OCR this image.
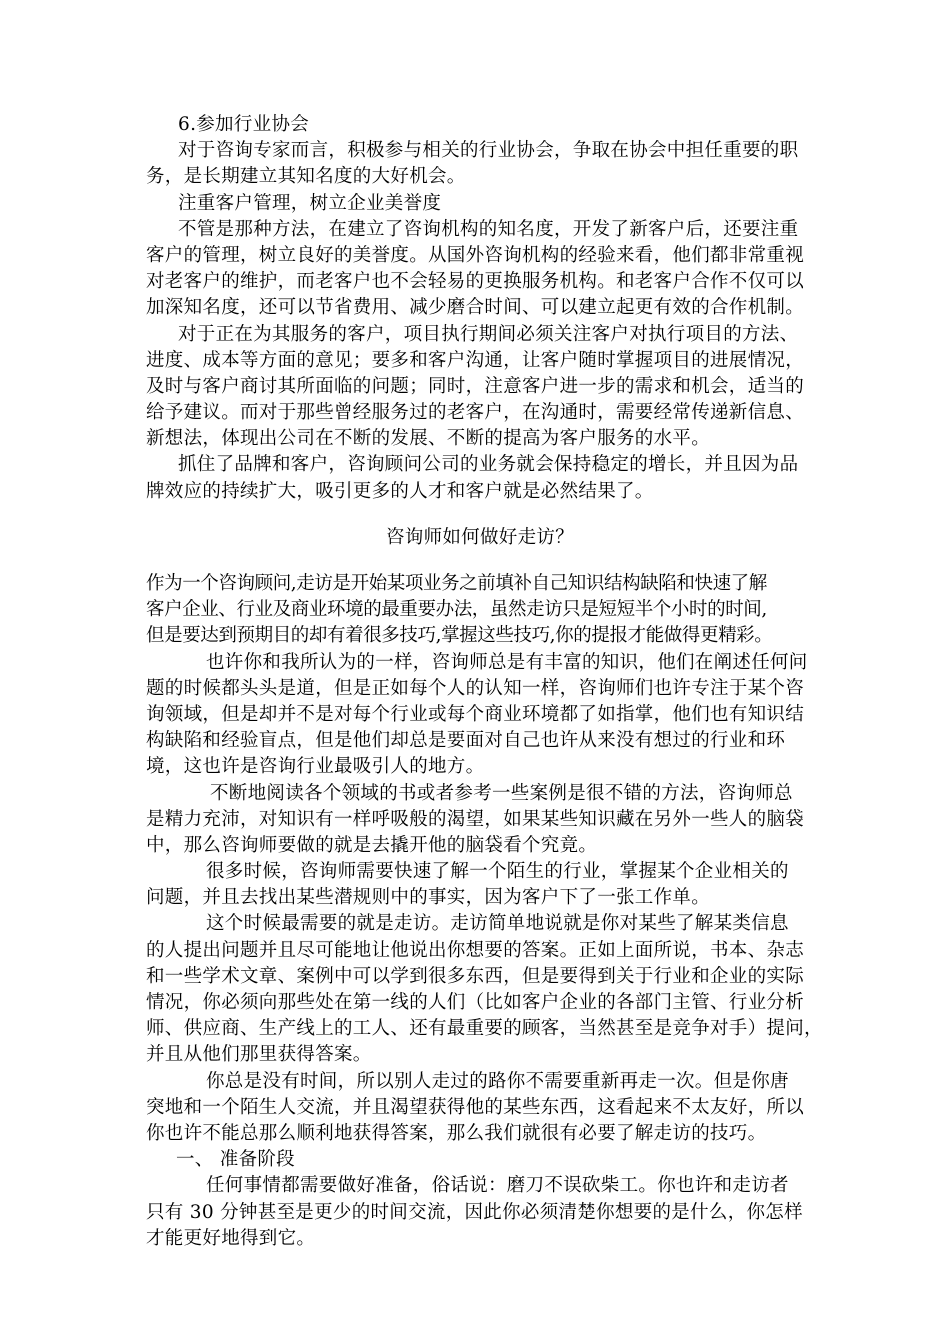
6.参加行业协会
对于咨询专家而言，积极参与相关的行业协会，争取在协会中担任重要的职
务，是长期建立其知名度的大好机会。
注重客户管理，树立企业美誉度
不管是那种方法，在建立了咨询机构的知名度，开发了新客户后，还要注重
客户的管理，树立良好的美誉度。从国外咨询机构的经验来看，他们都非常重视
对老客户的维护，而老客户也不会轻易的更换服务机构。和老客户合作不仅可以
加深知名度，还可以节省费用、减少磨合时间、可以建立起更有效的合作机制。
对于正在为其服务的客户，项目执行期间必须关注客户对执行项目的方法、
进度、成本等方面的意见；要多和客户沟通，让客户随时掌握项目的进展情况，
及时与客户商讨其所面临的问题；同时，注意客户进一步的需求和机会，适当的
给予建议。而对于那些曾经服务过的老客户，在沟通时，需要经常传递新信息、
新想法，体现出公司在不断的发展、不断的提高为客户服务的水平。
抓住了品牌和客户，咨询顾问公司的业务就会保持稳定的增长，并且因为品
牌效应的持续扩大，吸引更多的人才和客户就是必然结果了。
咨询师如何做好走访？
作为一个咨询顾问,走访是开始某项业务之前填补自己知识结构缺陷和快速了解
客户企业、行业及商业环境的最重要办法，虽然走访只是短短半个小时的时间,
但是要达到预期目的却有着很多技巧,掌握这些技巧,你的提报才能做得更精彩。
也许你和我所认为的一样，咨询师总是有丰富的知识，他们在阐述任何问
题的时候都头头是道，但是正如每个人的认知一样，咨询师们也许专注于某个咨
询领域，但是却并不是对每个行业或每个商业环境都了如指掌，他们也有知识结
构缺陷和经验盲点，但是他们却总是要面对自己也许从来没有想过的行业和环
境，这也许是咨询行业最吸引人的地方。
不断地阅读各个领域的书或者参考一些案例是很不错的方法，咨询师总
是精力充沛，对知识有一样呼吸般的渴望，如果某些知识藏在另外一些人的脑袋
中，那么咨询师要做的就是去撬开他的脑袋看个究竟。
很多时候，咨询师需要快速了解一个陌生的行业，掌握某个企业相关的
问题，并且去找出某些潜规则中的事实，因为客户下了一张工作单。
这个时候最需要的就是走访。走访简单地说就是你对某些了解某类信息
的人提出问题并且尽可能地让他说出你想要的答案。正如上面所说，书本、杂志
和一些学术文章、案例中可以学到很多东西，但是要得到关于行业和企业的实际
情况，你必须向那些处在第一线的人们（比如客户企业的各部门主管、行业分析
师、供应商、生产线上的工人、还有最重要的顾客，当然甚至是竞争对手）提问，
并且从他们那里获得答案。
你总是没有时间，所以别人走过的路你不需要重新再走一次。但是你唐
突地和一个陌生人交流，并且渴望获得他的某些东西，这看起来不太友好，所以
你也许不能总那么顺利地获得答案，那么我们就很有必要了解走访的技巧。
一、 准备阶段
任何事情都需要做好准备，俗话说：磨刀不误砍柴工。你也许和走访者
只有 30 分钟甚至是更少的时间交流，因此你必须清楚你想要的是什么，你怎样
才能更好地得到它。
